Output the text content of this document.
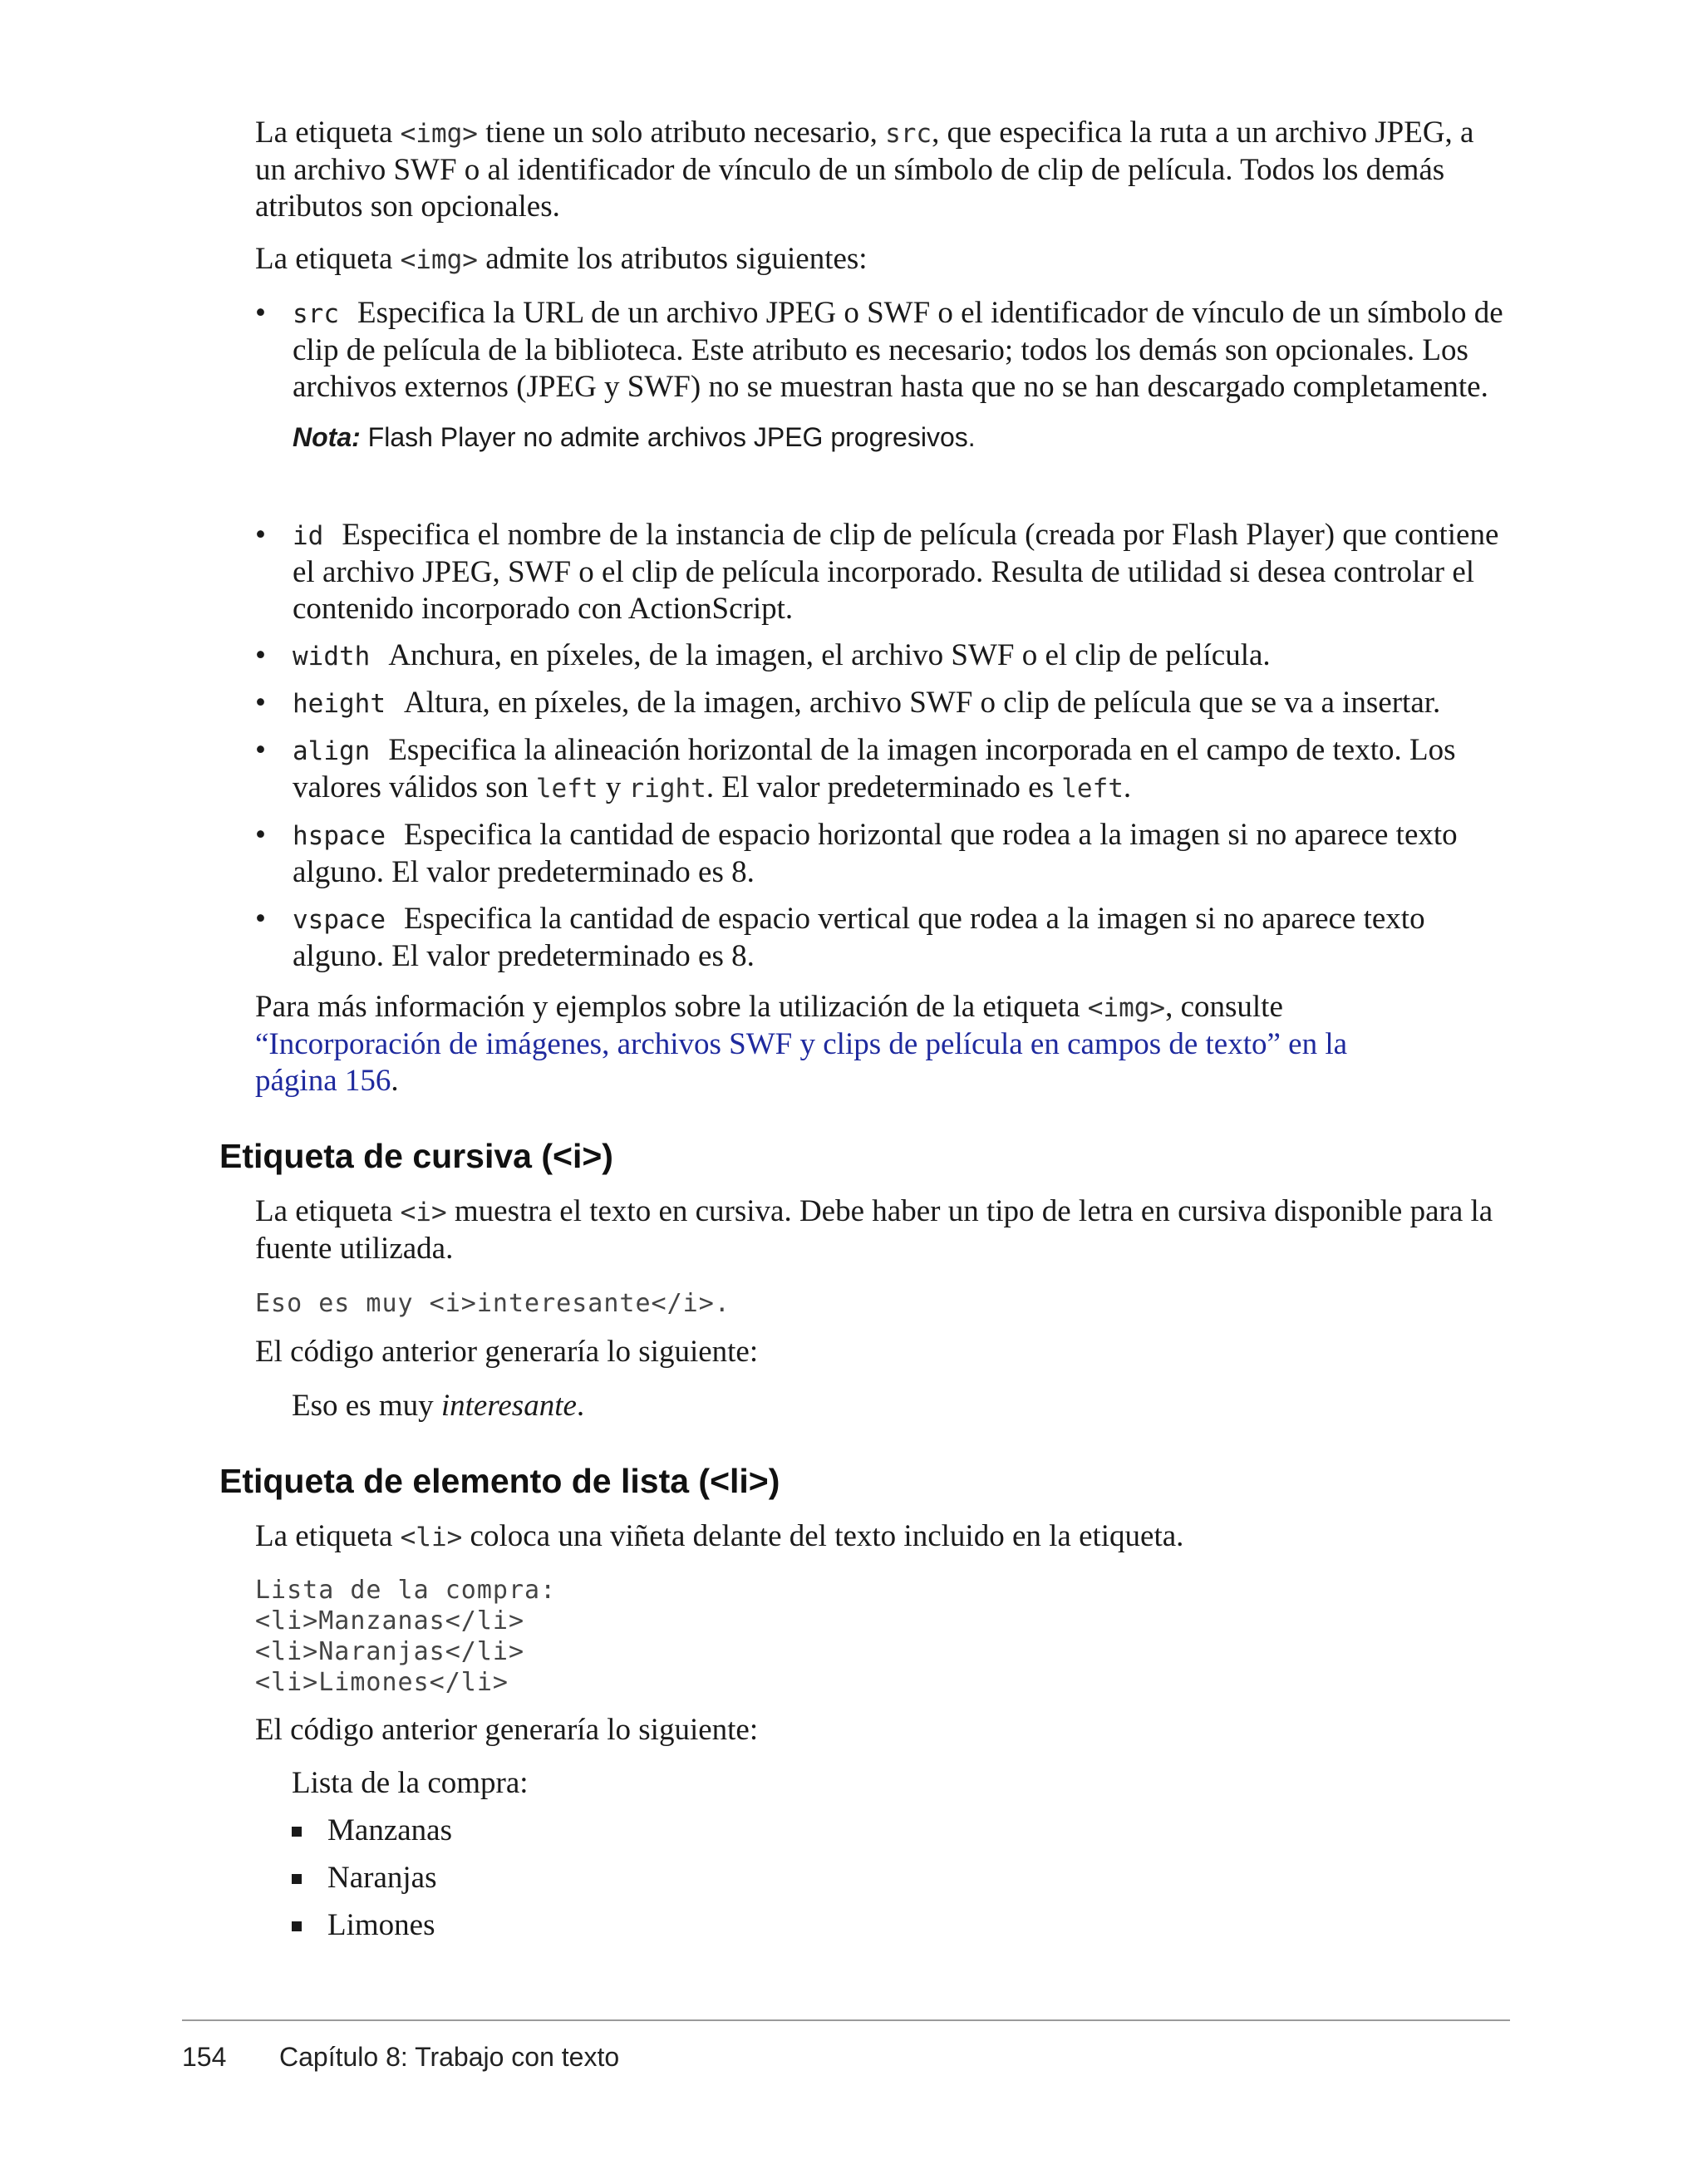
La etiqueta <img> tiene un solo atributo necesario, src, que especifica la ruta a un archivo JPEG, a un archivo SWF o al identificador de vínculo de un símbolo de clip de película. Todos los demás atributos son opcionales.

La etiqueta <img> admite los atributos siguientes:

• src Especifica la URL de un archivo JPEG o SWF o el identificador de vínculo de un símbolo de clip de película de la biblioteca. Este atributo es necesario; todos los demás son opcionales. Los archivos externos (JPEG y SWF) no se muestran hasta que no se han descargado completamente.
Nota: Flash Player no admite archivos JPEG progresivos.
• id Especifica el nombre de la instancia de clip de película (creada por Flash Player) que contiene el archivo JPEG, SWF o el clip de película incorporado. Resulta de utilidad si desea controlar el contenido incorporado con ActionScript.
• width Anchura, en píxeles, de la imagen, el archivo SWF o el clip de película.
• height Altura, en píxeles, de la imagen, archivo SWF o clip de película que se va a insertar.
• align Especifica la alineación horizontal de la imagen incorporada en el campo de texto. Los valores válidos son left y right. El valor predeterminado es left.
• hspace Especifica la cantidad de espacio horizontal que rodea a la imagen si no aparece texto alguno. El valor predeterminado es 8.
• vspace Especifica la cantidad de espacio vertical que rodea a la imagen si no aparece texto alguno. El valor predeterminado es 8.

Para más información y ejemplos sobre la utilización de la etiqueta <img>, consulte “Incorporación de imágenes, archivos SWF y clips de película en campos de texto” en la página 156.

Etiqueta de cursiva (<i>)

La etiqueta <i> muestra el texto en cursiva. Debe haber un tipo de letra en cursiva disponible para la fuente utilizada.

Eso es muy <i>interesante</i>.

El código anterior generaría lo siguiente:

Eso es muy interesante.
Etiqueta de elemento de lista (<li>)

La etiqueta <li> coloca una viñeta delante del texto incluido en la etiqueta.

Lista de la compra:
<li>Manzanas</li>
<li>Naranjas</li>
<li>Limones</li>

El código anterior generaría lo siguiente:

Lista de la compra:
Manzanas
Naranjas
Limones
154 Capítulo 8: Trabajo con texto
